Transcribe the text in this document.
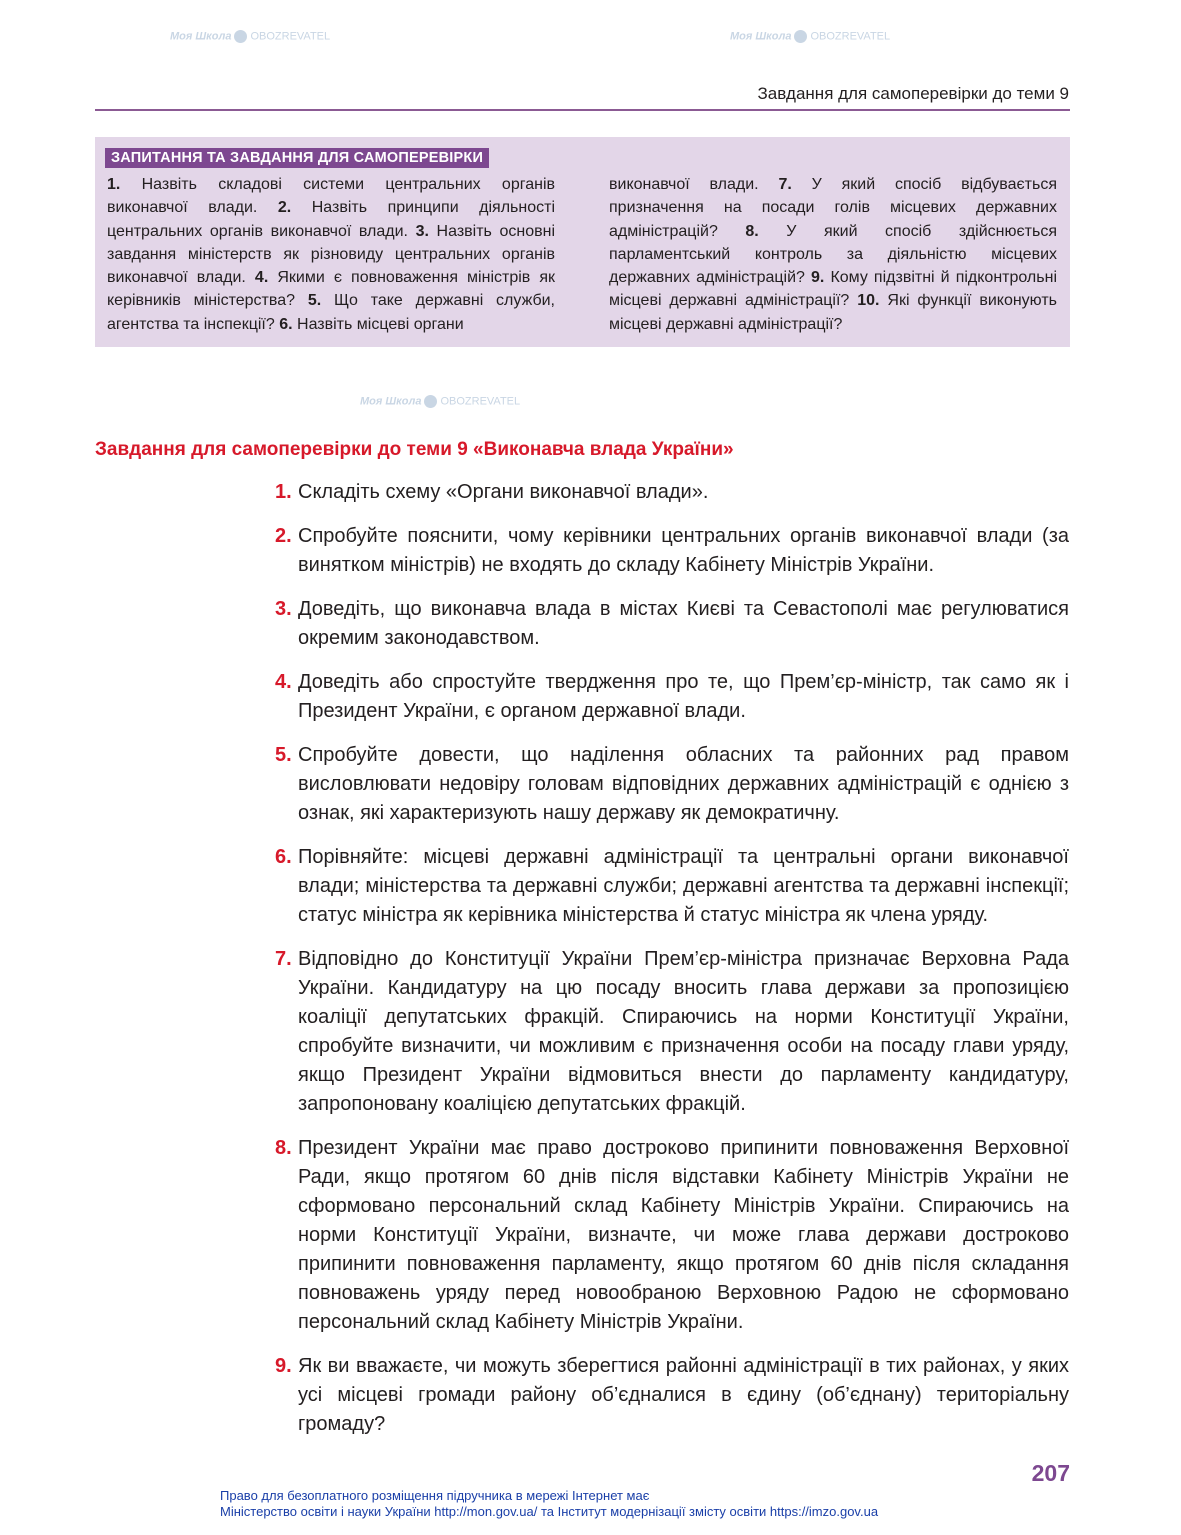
Моя Школа OBOZREVATEL	Моя Школа OBOZREVATEL
Моя Школа OBOZREVATEL
Завдання для самоперевірки до теми 9
ЗАПИТАННЯ ТА ЗАВДАННЯ ДЛЯ САМОПЕРЕВІРКИ
1. Назвіть складові системи центральних органів виконавчої влади. 2. Назвіть принципи діяльності центральних органів виконавчої влади. 3. Назвіть основні завдання міністерств як різновиду центральних органів виконавчої влади. 4. Якими є повноваження міністрів як керівників міністерства? 5. Що таке державні служби, агентства та інспекції? 6. Назвіть місцеві органи
виконавчої влади. 7. У який спосіб відбувається призначення на посади голів місцевих державних адміністрацій? 8. У який спосіб здійснюється парламентський контроль за діяльністю місцевих державних адміністрацій? 9. Кому підзвітні й підконтрольні місцеві державні адміністрації? 10. Які функції виконують місцеві державні адміністрації?
Завдання для самоперевірки до теми 9 «Виконавча влада України»
1. Складіть схему «Органи виконавчої влади».
2. Спробуйте пояснити, чому керівники центральних органів виконавчої влади (за винятком міністрів) не входять до складу Кабінету Міністрів України.
3. Доведіть, що виконавча влада в містах Києві та Севастополі має регулюватися окремим законодавством.
4. Доведіть або спростуйте твердження про те, що Прем’єр-міністр, так само як і Президент України, є органом державної влади.
5. Спробуйте довести, що наділення обласних та районних рад правом висловлювати недовіру головам відповідних державних адміністрацій є однією з ознак, які характеризують нашу державу як демократичну.
6. Порівняйте: місцеві державні адміністрації та центральні органи виконавчої влади; міністерства та державні служби; державні агентства та державні інспекції; статус міністра як керівника міністерства й статус міністра як члена уряду.
7. Відповідно до Конституції України Прем’єр-міністра призначає Верховна Рада України. Кандидатуру на цю посаду вносить глава держави за пропозицією коаліції депутатських фракцій. Спираючись на норми Конституції України, спробуйте визначити, чи можливим є призначення особи на посаду глави уряду, якщо Президент України відмовиться внести до парламенту кандидатуру, запропоновану коаліцією депутатських фракцій.
8. Президент України має право достроково припинити повноваження Верховної Ради, якщо протягом 60 днів після відставки Кабінету Міністрів України не сформовано персональний склад Кабінету Міністрів України. Спираючись на норми Конституції України, визначте, чи може глава держави достроково припинити повноваження парламенту, якщо протягом 60 днів після складання повноважень уряду перед новообраною Верховною Радою не сформовано персональний склад Кабінету Міністрів України.
9. Як ви вважаєте, чи можуть зберегтися районні адміністрації в тих районах, у яких усі місцеві громади району об’єдналися в єдину (об’єднану) територіальну громаду?
207
Право для безоплатного розміщення підручника в мережі Інтернет має
Міністерство освіти і науки України http://mon.gov.ua/ та Інститут модернізації змісту освіти https://imzo.gov.ua
